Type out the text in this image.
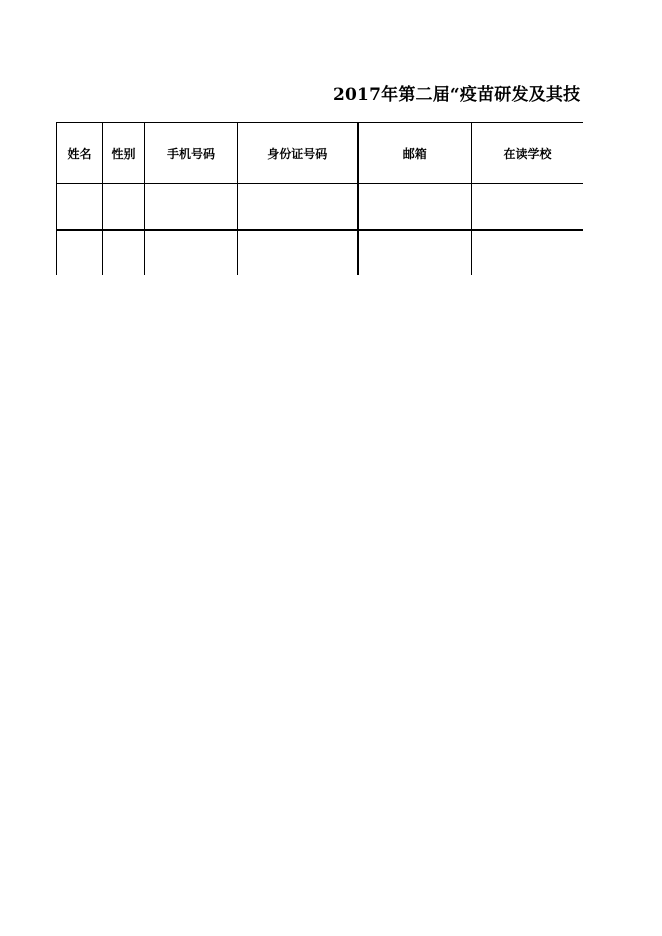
2017年第二届“疫苗研发及其技
姓名	性别	手机号码	身份证号码	邮箱	在读学校
